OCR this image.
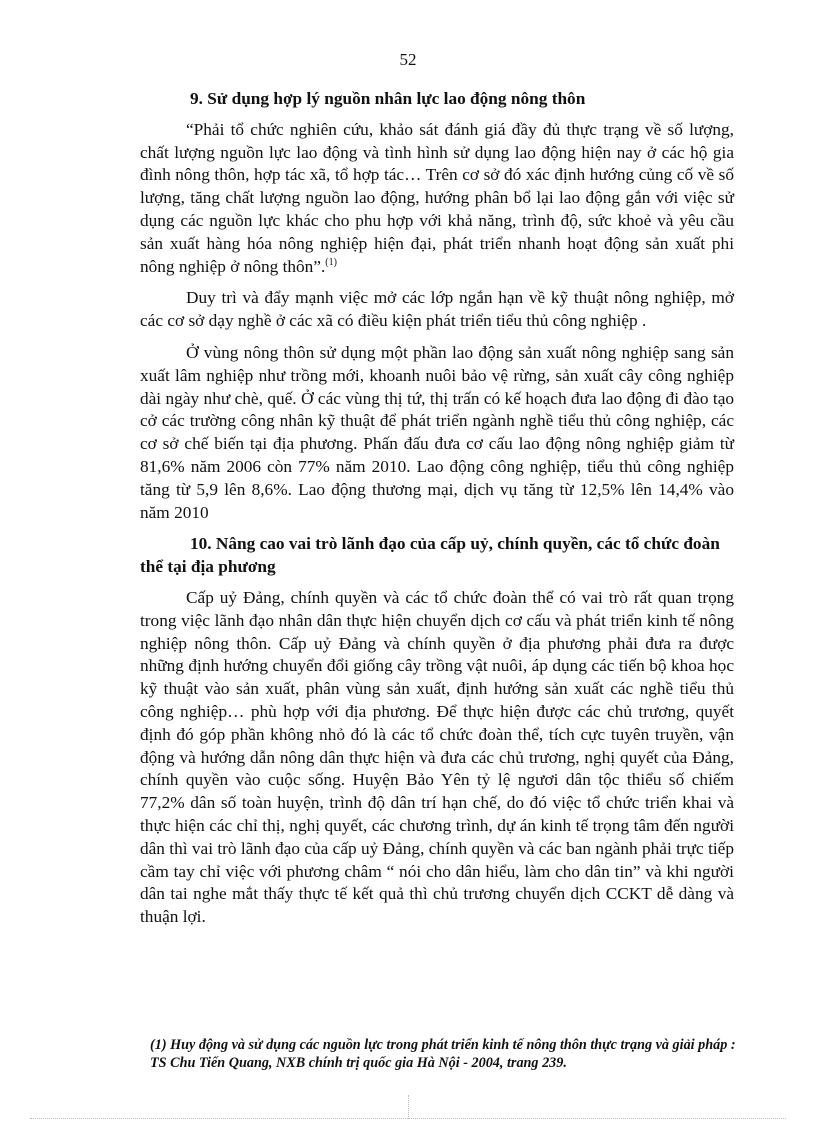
52
9. Sử dụng hợp lý nguồn nhân lực lao động nông thôn

“Phải tổ chức nghiên cứu, khảo sát đánh giá đầy đủ thực trạng về số lượng, chất lượng nguồn lực lao động và tình hình sử dụng lao động hiện nay ở các hộ gia đình nông thôn, hợp tác xã, tổ hợp tác… Trên cơ sở đó xác định hướng củng cố về số lượng, tăng chất lượng nguồn lao động, hướng phân bổ lại lao động gắn với việc sử dụng các nguồn lực khác cho phu hợp với khả năng, trình độ, sức khoẻ và yêu cầu sản xuất hàng hóa nông nghiệp hiện đại, phát triển nhanh hoạt động sản xuất phi nông nghiệp ở nông thôn”.$^{(1)}$

Duy trì và đẩy mạnh việc mở các lớp ngắn hạn về kỹ thuật nông nghiệp, mở các cơ sở dạy nghề ở các xã có điều kiện phát triển tiểu thủ công nghiệp .

Ở vùng nông thôn sử dụng một phần lao động sản xuất nông nghiệp sang sản xuất lâm nghiệp như trồng mới, khoanh nuôi bảo vệ rừng, sản xuất cây công nghiệp dài ngày như chè, quế. Ở các vùng thị tứ, thị trấn có kế hoạch đưa lao động đi đào tạo cở các trường công nhân kỹ thuật để phát triển ngành nghề tiểu thủ công nghiệp, các cơ sở chế biến tại địa phương. Phấn đấu đưa cơ cấu lao động nông nghiệp giảm từ 81,6% năm 2006 còn 77% năm 2010. Lao động công nghiệp, tiểu thủ công nghiệp tăng từ 5,9 lên 8,6%. Lao động thương mại, dịch vụ tăng từ 12,5% lên 14,4% vào năm 2010

10. Nâng cao vai trò lãnh đạo của cấp uỷ, chính quyền, các tổ chức đoàn thể tại địa phương

Cấp uỷ Đảng, chính quyền và các tổ chức đoàn thể có vai trò rất quan trọng trong việc lãnh đạo nhân dân thực hiện chuyển dịch cơ cấu và phát triển kinh tế nông nghiệp nông thôn. Cấp uỷ Đảng và chính quyền ở địa phương phải đưa ra được những định hướng chuyển đổi giống cây trồng vật nuôi, áp dụng các tiến bộ khoa học kỹ thuật vào sản xuất, phân vùng sản xuất, định hướng sản xuất các nghề tiểu thủ công nghiệp… phù hợp với địa phương. Để thực hiện được các chủ trương, quyết định đó góp phần không nhỏ đó là các tổ chức đoàn thể, tích cực tuyên truyền, vận động và hướng dẫn nông dân thực hiện và đưa các chủ trương, nghị quyết của Đảng, chính quyền vào cuộc sống. Huyện Bảo Yên tỷ lệ ngươi dân tộc thiểu số chiếm 77,2% dân số toàn huyện, trình độ dân trí hạn chế, do đó việc tổ chức triển khai và thực hiện các chỉ thị, nghị quyết, các chương trình, dự án kinh tế trọng tâm đến người dân thì vai trò lãnh đạo của cấp uỷ Đảng, chính quyền và các ban ngành phải trực tiếp cầm tay chỉ việc với phương châm “ nói cho dân hiểu, làm cho dân tin” và khi người dân tai nghe mắt thấy thực tế kết quả thì chủ trương chuyển dịch CCKT dễ dàng và thuận lợi.

(1) Huy động và sử dụng các nguồn lực trong phát triển kinh tế nông thôn thực trạng và giải pháp : TS Chu Tiến Quang, NXB chính trị quốc gia Hà Nội - 2004, trang 239.
